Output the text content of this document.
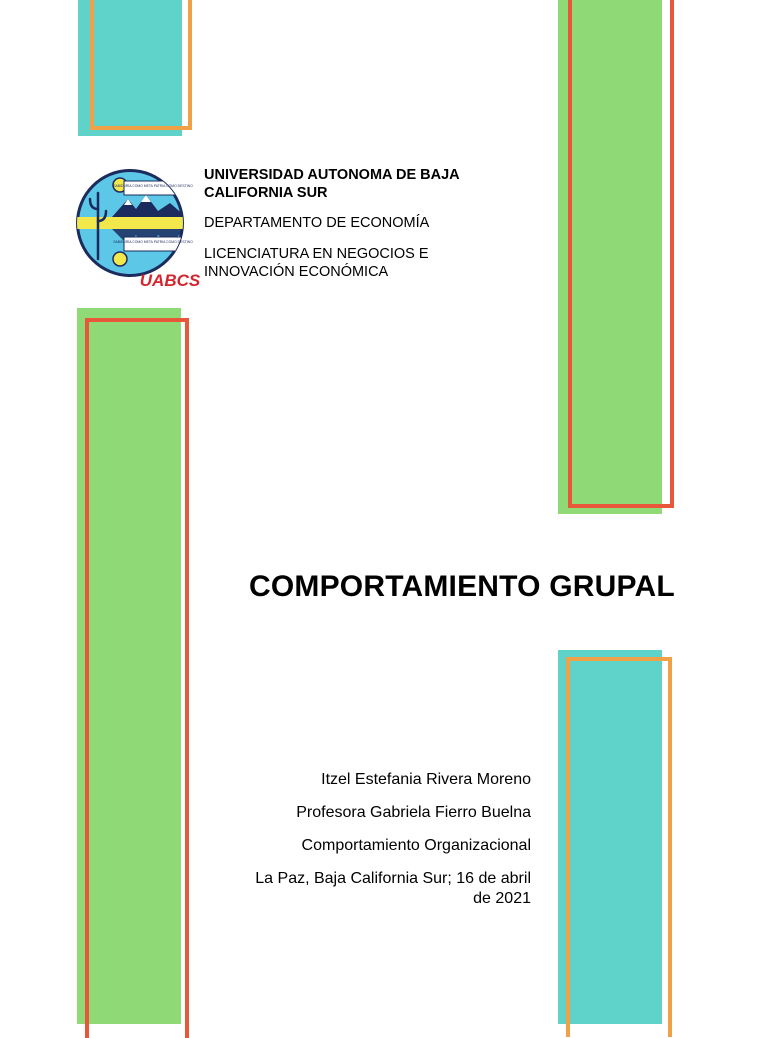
SABIDURÍA COMO META PATRIA COMO DESTINO
SABIDURÍA COMO META PATRIA COMO DESTINO
UABCS

UNIVERSIDAD AUTONOMA DE BAJA CALIFORNIA SUR

DEPARTAMENTO DE ECONOMÍA

LICENCIATURA EN NEGOCIOS E INNOVACIÓN ECONÓMICA

COMPORTAMIENTO GRUPAL

Itzel Estefania Rivera Moreno

Profesora Gabriela Fierro Buelna

Comportamiento Organizacional

La Paz, Baja California Sur; 16 de abril de 2021
